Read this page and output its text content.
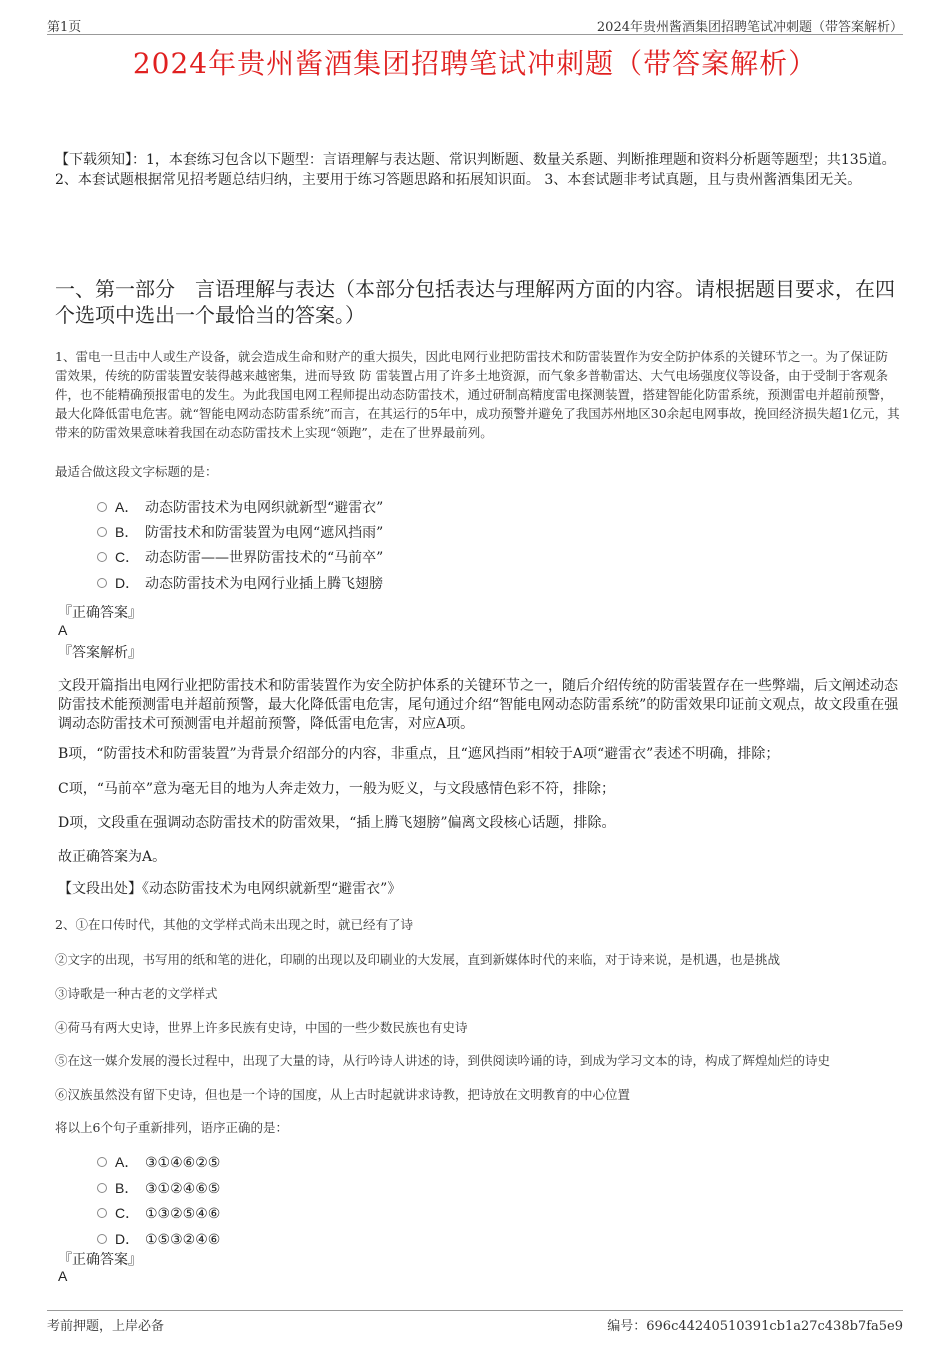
第1页	2024年贵州酱酒集团招聘笔试冲刺题（带答案解析）
2024年贵州酱酒集团招聘笔试冲刺题（带答案解析）
【下载须知】：1，本套练习包含以下题型：言语理解与表达题、常识判断题、数量关系题、判断推理题和资料分析题等题型；共135道。 2、本套试题根据常见招考题总结归纳，主要用于练习答题思路和拓展知识面。 3、本套试题非考试真题，且与贵州酱酒集团无关。
一、第一部分　言语理解与表达（本部分包括表达与理解两方面的内容。请根据题目要求，在四个选项中选出一个最恰当的答案。）
1、雷电一旦击中人或生产设备，就会造成生命和财产的重大损失，因此电网行业把防雷技术和防雷装置作为安全防护体系的关键环节之一。为了保证防雷效果，传统的防雷装置安装得越来越密集，进而导致 防 雷装置占用了许多土地资源，而气象多普勒雷达、大气电场强度仪等设备，由于受制于客观条件，也不能精确预报雷电的发生。为此我国电网工程师提出动态防雷技术，通过研制高精度雷电探测装置，搭建智能化防雷系统，预测雷电并超前预警，最大化降低雷电危害。就“智能电网动态防雷系统”而言，在其运行的5年中，成功预警并避免了我国苏州地区30余起电网事故，挽回经济损失超1亿元，其带来的防雷效果意味着我国在动态防雷技术上实现“领跑”，走在了世界最前列。
最适合做这段文字标题的是：
A． 动态防雷技术为电网织就新型“避雷衣”
B． 防雷技术和防雷装置为电网“遮风挡雨”
C． 动态防雷——世界防雷技术的“马前卒”
D． 动态防雷技术为电网行业插上腾飞翅膀
『正确答案』
A
『答案解析』
文段开篇指出电网行业把防雷技术和防雷装置作为安全防护体系的关键环节之一，随后介绍传统的防雷装置存在一些弊端，后文阐述动态防雷技术能预测雷电并超前预警，最大化降低雷电危害，尾句通过介绍“智能电网动态防雷系统”的防雷效果印证前文观点，故文段重在强调动态防雷技术可预测雷电并超前预警，降低雷电危害，对应A项。
B项，“防雷技术和防雷装置”为背景介绍部分的内容，非重点，且“遮风挡雨”相较于A项“避雷衣”表述不明确，排除；
C项，“马前卒”意为毫无目的地为人奔走效力，一般为贬义，与文段感情色彩不符，排除；
D项，文段重在强调动态防雷技术的防雷效果，“插上腾飞翅膀”偏离文段核心话题，排除。
故正确答案为A。
【文段出处】《动态防雷技术为电网织就新型“避雷衣”》
2、①在口传时代，其他的文学样式尚未出现之时，就已经有了诗
②文字的出现，书写用的纸和笔的进化，印刷的出现以及印刷业的大发展，直到新媒体时代的来临，对于诗来说，是机遇，也是挑战
③诗歌是一种古老的文学样式
④荷马有两大史诗，世界上许多民族有史诗，中国的一些少数民族也有史诗
⑤在这一媒介发展的漫长过程中，出现了大量的诗，从行吟诗人讲述的诗，到供阅读吟诵的诗，到成为学习文本的诗，构成了辉煌灿烂的诗史
⑥汉族虽然没有留下史诗，但也是一个诗的国度，从上古时起就讲求诗教，把诗放在文明教育的中心位置
将以上6个句子重新排列，语序正确的是：
A． ③①④⑥②⑤
B． ③①②④⑥⑤
C． ①③②⑤④⑥
D． ①⑤③②④⑥
『正确答案』
A
考前押题，上岸必备	编号：696c44240510391cb1a27c438b7fa5e9
